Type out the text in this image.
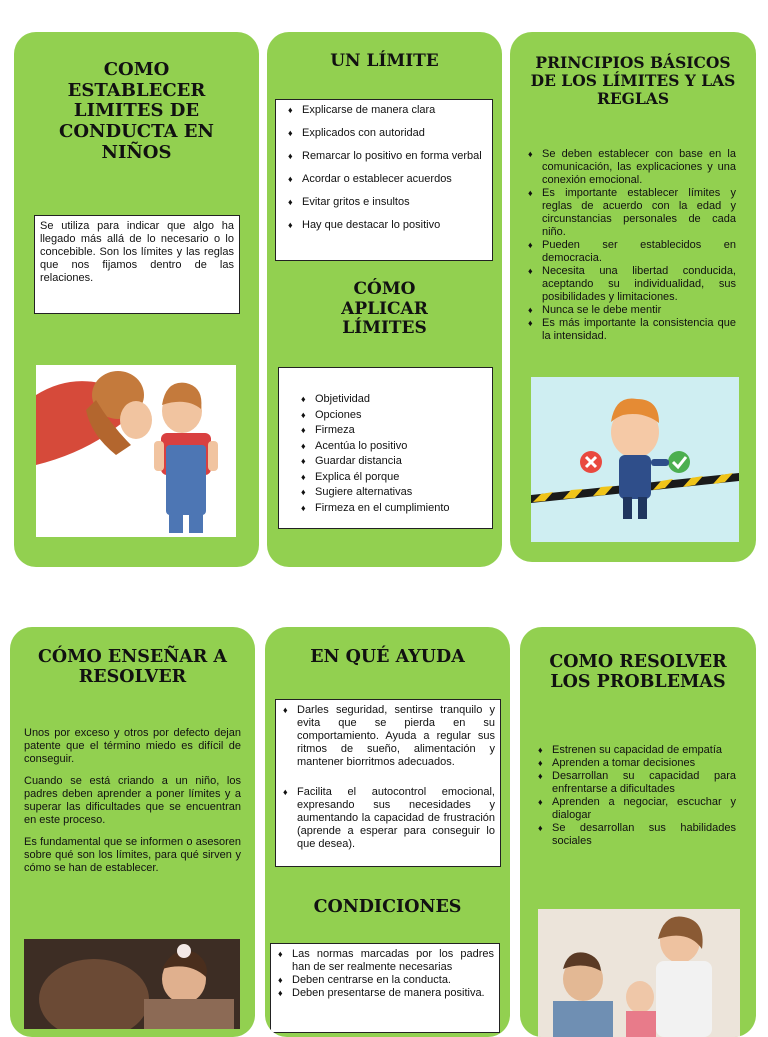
COMO ESTABLECER LIMITES DE CONDUCTA EN NIÑOS

Se utiliza para indicar que algo ha llegado más allá de lo necesario o lo concebible. Son los límites y las reglas que nos fijamos dentro de las relaciones.

UN LÍMITE
♦ Explicarse de manera clara
♦ Explicados con autoridad
♦ Remarcar lo positivo en forma verbal
♦ Acordar o establecer acuerdos
♦ Evitar gritos e insultos
♦ Hay que destacar lo positivo
CÓMO APLICAR LÍMITES
♦ Objetividad
♦ Opciones
♦ Firmeza
♦ Acentúa lo positivo
♦ Guardar distancia
♦ Explica él porque
♦ Sugiere alternativas
♦ Firmeza en el cumplimiento
PRINCIPIOS BÁSICOS DE LOS LÍMITES Y LAS REGLAS
♦ Se deben establecer con base en la comunicación, las explicaciones y una conexión emocional.
♦ Es importante establecer límites y reglas de acuerdo con la edad y circunstancias personales de cada niño.
♦ Pueden ser establecidos en democracia.
♦ Necesita una libertad conducida, aceptando su individualidad, sus posibilidades y limitaciones.
♦ Nunca se le debe mentir
♦ Es más importante la consistencia que la intensidad.
CÓMO ENSEÑAR A RESOLVER

Unos por exceso y otros por defecto dejan patente que el término miedo es difícil de conseguir.

Cuando se está criando a un niño, los padres deben aprender a poner límites y a superar las dificultades que se encuentran en este proceso.

Es fundamental que se informen o asesoren sobre qué son los límites, para qué sirven y cómo se han de establecer.

EN QUÉ AYUDA
♦ Darles seguridad, sentirse tranquilo y evita que se pierda en su comportamiento. Ayuda a regular sus ritmos de sueño, alimentación y mantener biorritmos adecuados.
♦ Facilita el autocontrol emocional, expresando sus necesidades y aumentando la capacidad de frustración (aprende a esperar para conseguir lo que desea).
CONDICIONES
♦ Las normas marcadas por los padres han de ser realmente necesarias
♦ Deben centrarse en la conducta.
♦ Deben presentarse de manera positiva.
COMO RESOLVER LOS PROBLEMAS
♦ Estrenen su capacidad de empatía
♦ Aprenden a tomar decisiones
♦ Desarrollan su capacidad para enfrentarse a dificultades
♦ Aprenden a negociar, escuchar y dialogar
♦ Se desarrollan sus habilidades sociales
